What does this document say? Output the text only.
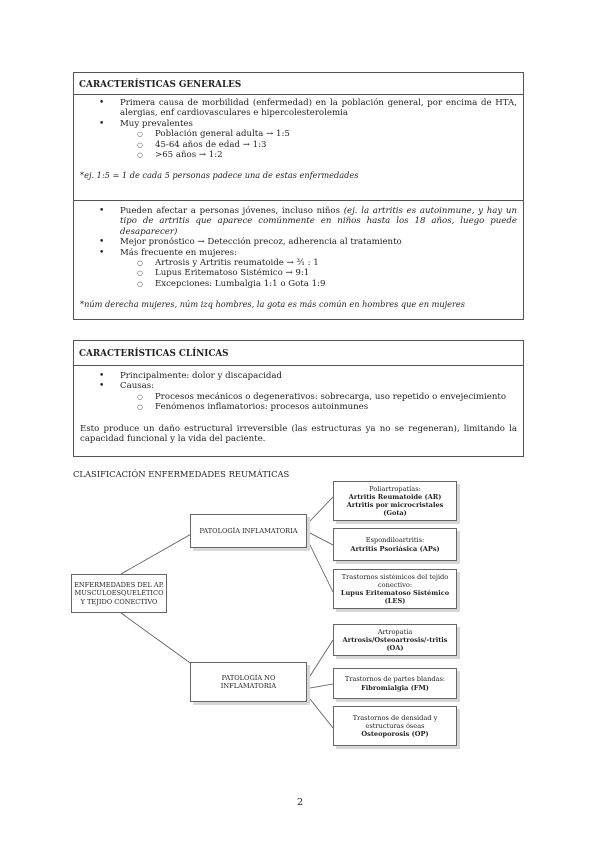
CARACTERÍSTICAS GENERALES
• Primera causa de morbilidad (enfermedad) en la población general, por encima de HTA, alergias, enf cardiovasculares e hipercolesterolemia
• Muy prevalentes
○ Población general adulta → 1:5
○ 45-64 años de edad → 1:3
○ >65 años → 1:2
*ej. 1:5 = 1 de cada 5 personas padece una de estas enfermedades
• Pueden afectar a personas jóvenes, incluso niños (ej. la artritis es autoinmune, y hay un tipo de artritis que aparece comúnmente en niños hasta los 18 años, luego puede desaparecer)
• Mejor pronóstico → Detección precoz, adherencia al tratamiento
• Más frecuente en mujeres:
○ Artrosis y Artritis reumatoide → ³⁄₁ : 1
○ Lupus Eritematoso Sistémico → 9:1
○ Excepciones: Lumbalgia 1:1 o Gota 1:9
*núm derecha mujeres, núm izq hombres, la gota es más común en hombres que en mujeres
CARACTERÍSTICAS CLÍNICAS
• Principalmente: dolor y discapacidad
• Causas:
○ Procesos mecánicos o degenerativos: sobrecarga, uso repetido o envejecimiento
○ Fenómenos inflamatorios: procesos autoinmunes
Esto produce un daño estructural irreversible (las estructuras ya no se regeneran), limitando la capacidad funcional y la vida del paciente.
CLASIFICACIÓN ENFERMEDADES REUMÁTICAS
ENFERMEDADES DEL AP. MUSCULOESQUELÉTICO Y TEJIDO CONECTIVO
PATOLOGÍA INFLAMATORIA
PATOLOGÍA NO INFLAMATORIA
Poliartropatías:
Artritis Reumatoide (AR)
Artritis por microcristales (Gota)
Espondiloartritis:
Artritis Psoriásica (APs)
Trastornos sistémicos del tejido conectivo:
Lupus Eritematoso Sistémico (LES)
Artropatía
Artrosis/Osteoartrosis/-tritis (OA)
Trastornos de partes blandas:
Fibromialgia (FM)
Trastornos de densidad y estructuras óseas
Osteoporosis (OP)
2
